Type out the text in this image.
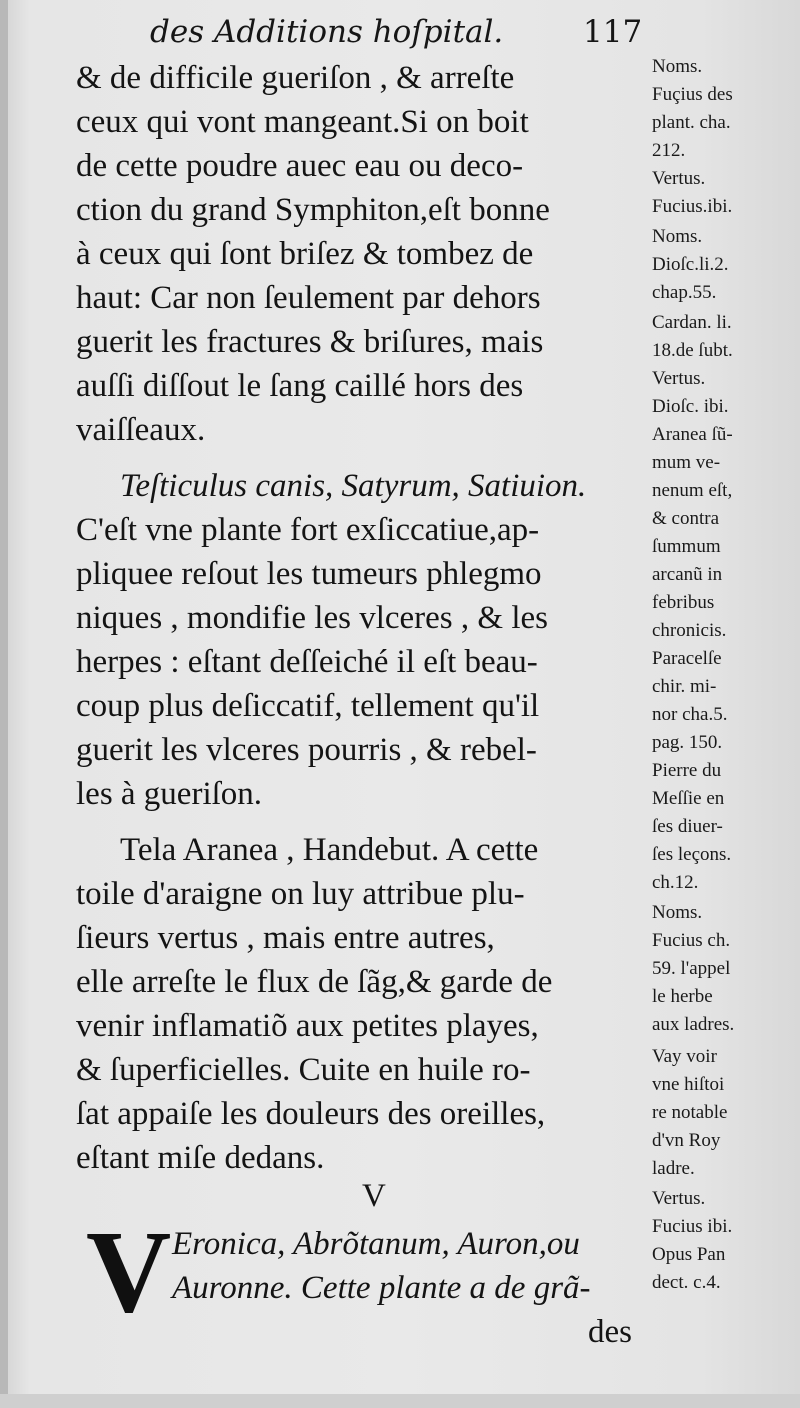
des Additions hoſpital.	117
& de difficile gueriſon , & arreſte
ceux qui vont mangeant.Si on boit
de cette poudre auec eau ou deco-
ction du grand Symphiton,eſt bonne
à ceux qui ſont briſez & tombez de
haut: Car non ſeulement par dehors
guerit les fractures & briſures, mais
auſſi diſſout le ſang caillé hors des
vaiſſeaux.
Teſticulus canis, Satyrum, Satiuion.
C'eſt vne plante fort exſiccatiue,ap-
pliquee reſout les tumeurs phlegmo
niques , mondifie les vlceres , & les
herpes : eſtant deſſeiché il eſt beau-
coup plus deſiccatif, tellement qu'il
guerit les vlceres pourris , & rebel-
les à gueriſon.
Tela Aranea , Handebut. A cette
toile d'araigne on luy attribue plu-
ſieurs vertus , mais entre autres,
elle arreſte le flux de ſãg,& garde de
venir inflamatiõ aux petites playes,
& ſuperficielles. Cuite en huile ro-
ſat appaiſe les douleurs des oreilles,
eſtant miſe dedans.
V
Eronica, Abrõtanum, Auron,ou
Auronne. Cette plante a de grã-
des
V
Noms.
Fuçius des
plant. cha.
212.
Vertus.
Fucius.ibi.
Noms.
Dioſc.li.2.
chap.55.
Cardan. li.
18.de ſubt.
Vertus.
Dioſc. ibi.
Aranea ſũ-
mum ve-
nenum eſt,
& contra
ſummum
arcanũ in
febribus
chronicis.
Paracelſe
chir. mi-
nor cha.5.
pag. 150.
Pierre du
Meſſie en
ſes diuer-
ſes leçons.
ch.12.
Noms.
Fucius ch.
59. l'appel
le herbe
aux ladres.
Vay voir
vne hiſtoi
re notable
d'vn Roy
ladre.
Vertus.
Fucius ibi.
Opus Pan
dect. c.4.
